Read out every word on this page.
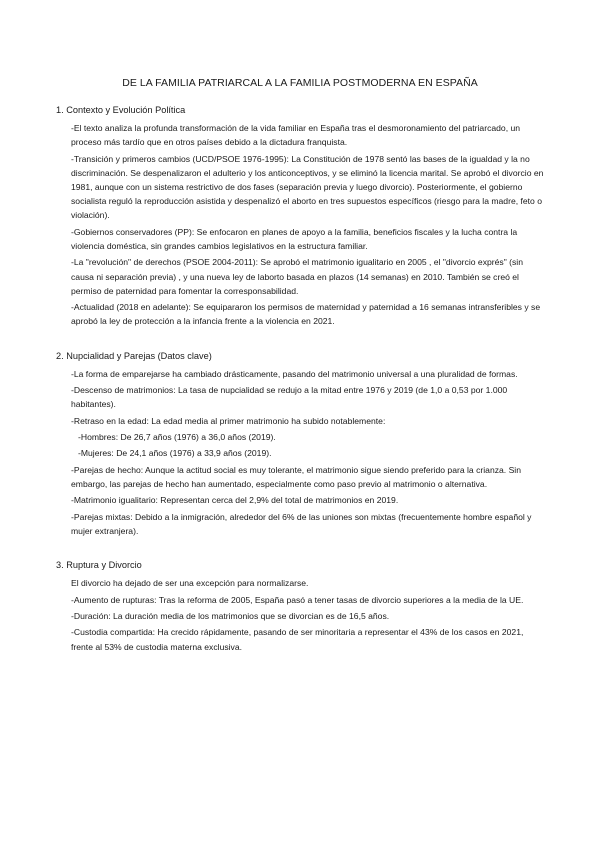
DE LA FAMILIA PATRIARCAL A LA FAMILIA POSTMODERNA EN ESPAÑA
1. Contexto y Evolución Política
-El texto analiza la profunda transformación de la vida familiar en España tras el desmoronamiento del patriarcado, un proceso más tardío que en otros países debido a la dictadura franquista.
-Transición y primeros cambios (UCD/PSOE 1976-1995): La Constitución de 1978 sentó las bases de la igualdad y la no discriminación. Se despenalizaron el adulterio y los anticonceptivos, y se eliminó la licencia marital. Se aprobó el divorcio en 1981, aunque con un sistema restrictivo de dos fases (separación previa y luego divorcio). Posteriormente, el gobierno socialista reguló la reproducción asistida y despenalizó el aborto en tres supuestos específicos (riesgo para la madre, feto o violación).
-Gobiernos conservadores (PP): Se enfocaron en planes de apoyo a la familia, beneficios fiscales y la lucha contra la violencia doméstica, sin grandes cambios legislativos en la estructura familiar.
-La "revolución" de derechos (PSOE 2004-2011): Se aprobó el matrimonio igualitario en 2005 , el "divorcio exprés" (sin causa ni separación previa) , y una nueva ley de laborto basada en plazos (14 semanas) en 2010. También se creó el permiso de paternidad para fomentar la corresponsabilidad.
-Actualidad (2018 en adelante): Se equipararon los permisos de maternidad y paternidad a 16 semanas intransferibles y se aprobó la ley de protección a la infancia frente a la violencia en 2021.
2. Nupcialidad y Parejas (Datos clave)
-La forma de emparejarse ha cambiado drásticamente, pasando del matrimonio universal a una pluralidad de formas.
-Descenso de matrimonios: La tasa de nupcialidad se redujo a la mitad entre 1976 y 2019 (de 1,0 a 0,53 por 1.000 habitantes).
-Retraso en la edad: La edad media al primer matrimonio ha subido notablemente:
-Hombres: De 26,7 años (1976) a 36,0 años (2019).
-Mujeres: De 24,1 años (1976) a 33,9 años (2019).
-Parejas de hecho: Aunque la actitud social es muy tolerante, el matrimonio sigue siendo preferido para la crianza. Sin embargo, las parejas de hecho han aumentado, especialmente como paso previo al matrimonio o alternativa.
-Matrimonio igualitario: Representan cerca del 2,9% del total de matrimonios en 2019.
-Parejas mixtas: Debido a la inmigración, alrededor del 6% de las uniones son mixtas (frecuentemente hombre español y mujer extranjera).
3. Ruptura y Divorcio
El divorcio ha dejado de ser una excepción para normalizarse.
-Aumento de rupturas: Tras la reforma de 2005, España pasó a tener tasas de divorcio superiores a la media de la UE.
-Duración: La duración media de los matrimonios que se divorcian es de 16,5 años.
-Custodia compartida: Ha crecido rápidamente, pasando de ser minoritaria a representar el 43% de los casos en 2021, frente al 53% de custodia materna exclusiva.
